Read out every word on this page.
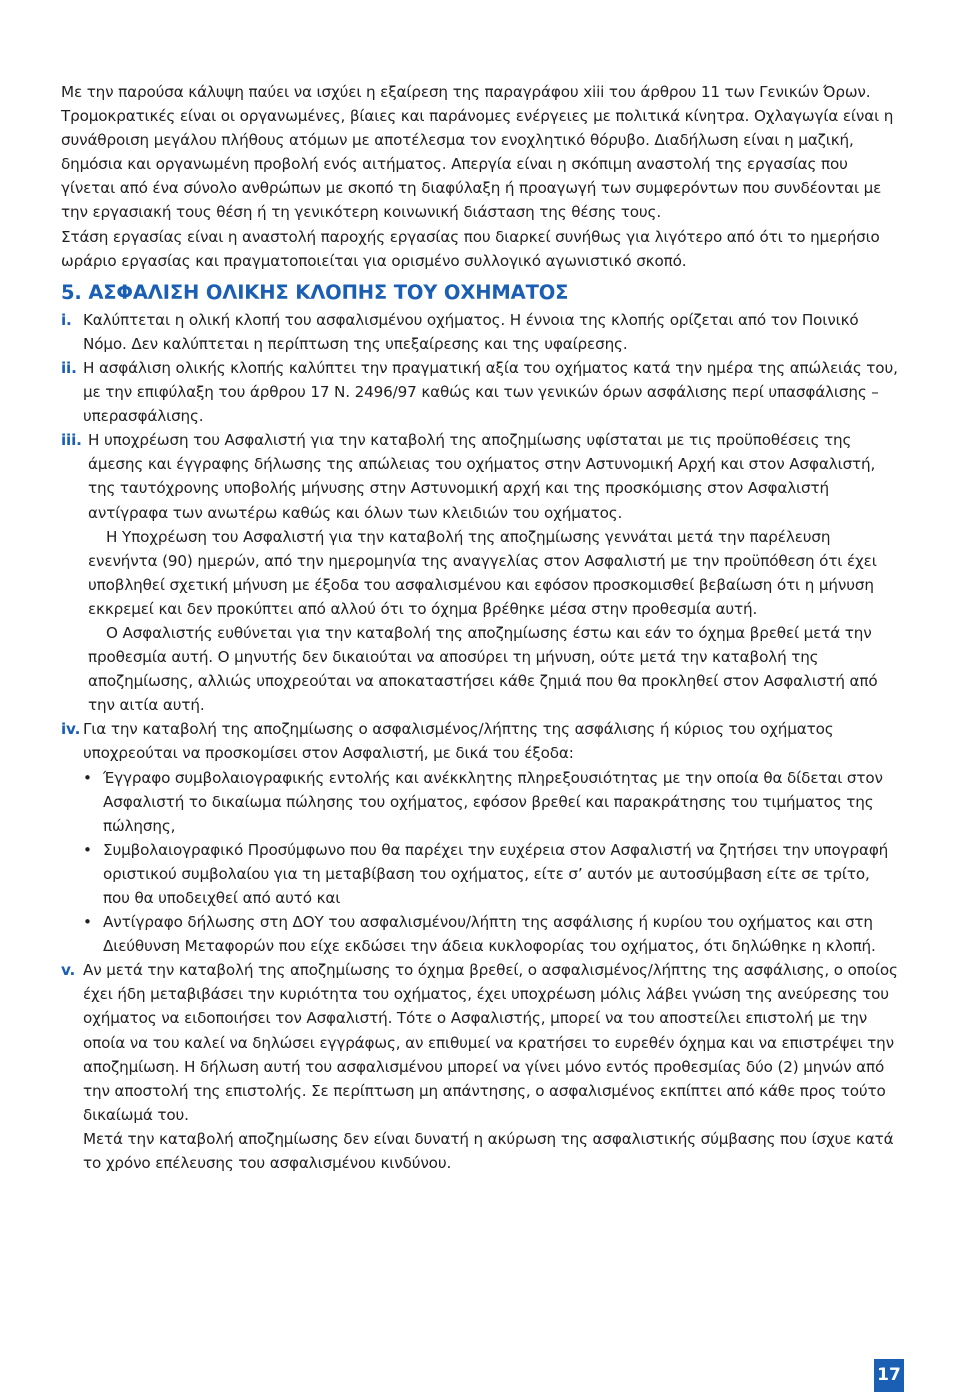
Με την παρούσα κάλυψη παύει να ισχύει η εξαίρεση της παραγράφου xiii του άρθρου 11 των Γενικών Όρων.

Τρομοκρατικές είναι οι οργανωμένες, βίαιες και παράνομες ενέργειες με πολιτικά κίνητρα. Οχλαγωγία είναι η συνάθροιση μεγάλου πλήθους ατόμων με αποτέλεσμα τον ενοχλητικό θόρυβο. Διαδήλωση είναι η μαζική, δημόσια και οργανωμένη προβολή ενός αιτήματος. Απεργία είναι η σκόπιμη αναστολή της εργασίας που γίνεται από ένα σύνολο ανθρώπων με σκοπό τη διαφύλαξη ή προαγωγή των συμφερόντων που συνδέονται με την εργασιακή τους θέση ή τη γενικότερη κοινωνική διάσταση της θέσης τους.

Στάση εργασίας είναι η αναστολή παροχής εργασίας που διαρκεί συνήθως για λιγότερο από ότι το ημερήσιο ωράριο εργασίας και πραγματοποιείται για ορισμένο συλλογικό αγωνιστικό σκοπό.

5. ΑΣΦΑΛΙΣΗ ΟΛΙΚΗΣ ΚΛΟΠΗΣ ΤΟΥ ΟΧΗΜΑΤΟΣ

i. Καλύπτεται η ολική κλοπή του ασφαλισμένου οχήματος. Η έννοια της κλοπής ορίζεται από τον Ποινικό Νόμο. Δεν καλύπτεται η περίπτωση της υπεξαίρεσης και της υφαίρεσης.
ii. Η ασφάλιση ολικής κλοπής καλύπτει την πραγματική αξία του οχήματος κατά την ημέρα της απώλειάς του, με την επιφύλαξη του άρθρου 17 Ν. 2496/97 καθώς και των γενικών όρων ασφάλισης περί υπασφάλισης – υπερασφάλισης.
iii. Η υποχρέωση του Ασφαλιστή για την καταβολή της αποζημίωσης υφίσταται με τις προϋποθέσεις της άμεσης και έγγραφης δήλωσης της απώλειας του οχήματος στην Αστυνομική Αρχή και στον Ασφαλιστή, της ταυτόχρονης υποβολής μήνυσης στην Αστυνομική αρχή και της προσκόμισης στον Ασφαλιστή αντίγραφα των ανωτέρω καθώς και όλων των κλειδιών του οχήματος.

Η Υποχρέωση του Ασφαλιστή για την καταβολή της αποζημίωσης γεννάται μετά την παρέλευση ενενήντα (90) ημερών, από την ημερομηνία της αναγγελίας στον Ασφαλιστή με την προϋπόθεση ότι έχει υποβληθεί σχετική μήνυση με έξοδα του ασφαλισμένου και εφόσον προσκομισθεί βεβαίωση ότι η μήνυση εκκρεμεί και δεν προκύπτει από αλλού ότι το όχημα βρέθηκε μέσα στην προθεσμία αυτή.

Ο Ασφαλιστής ευθύνεται για την καταβολή της αποζημίωσης έστω και εάν το όχημα βρεθεί μετά την προθεσμία αυτή. Ο μηνυτής δεν δικαιούται να αποσύρει τη μήνυση, ούτε μετά την καταβολή της αποζημίωσης, αλλιώς υποχρεούται να αποκαταστήσει κάθε ζημιά που θα προκληθεί στον Ασφαλιστή από την αιτία αυτή.

iv. Για την καταβολή της αποζημίωσης ο ασφαλισμένος/λήπτης της ασφάλισης ή κύριος του οχήματος υποχρεούται να προσκομίσει στον Ασφαλιστή, με δικά του έξοδα:
• Έγγραφο συμβολαιογραφικής εντολής και ανέκκλητης πληρεξουσιότητας με την οποία θα δίδεται στον Ασφαλιστή το δικαίωμα πώλησης του οχήματος, εφόσον βρεθεί και παρακράτησης του τιμήματος της πώλησης,
• Συμβολαιογραφικό Προσύμφωνο που θα παρέχει την ευχέρεια στον Ασφαλιστή να ζητήσει την υπογραφή οριστικού συμβολαίου για τη μεταβίβαση του οχήματος, είτε σ’ αυτόν με αυτοσύμβαση είτε σε τρίτο, που θα υποδειχθεί από αυτό και
• Αντίγραφο δήλωσης στη ΔΟΥ του ασφαλισμένου/λήπτη της ασφάλισης ή κυρίου του οχήματος και στη Διεύθυνση Μεταφορών που είχε εκδώσει την άδεια κυκλοφορίας του οχήματος, ότι δηλώθηκε η κλοπή.
v. Αν μετά την καταβολή της αποζημίωσης το όχημα βρεθεί, ο ασφαλισμένος/λήπτης της ασφάλισης, ο οποίος έχει ήδη μεταβιβάσει την κυριότητα του οχήματος, έχει υποχρέωση μόλις λάβει γνώση της ανεύρεσης του οχήματος να ειδοποιήσει τον Ασφαλιστή. Τότε ο Ασφαλιστής, μπορεί να του αποστείλει επιστολή με την οποία να του καλεί να δηλώσει εγγράφως, αν επιθυμεί να κρατήσει το ευρεθέν όχημα και να επιστρέψει την αποζημίωση. Η δήλωση αυτή του ασφαλισμένου μπορεί να γίνει μόνο εντός προθεσμίας δύο (2) μηνών από την αποστολή της επιστολής. Σε περίπτωση μη απάντησης, ο ασφαλισμένος εκπίπτει από κάθε προς τούτο δικαίωμά του.

Μετά την καταβολή αποζημίωσης δεν είναι δυνατή η ακύρωση της ασφαλιστικής σύμβασης που ίσχυε κατά το χρόνο επέλευσης του ασφαλισμένου κινδύνου.

17
